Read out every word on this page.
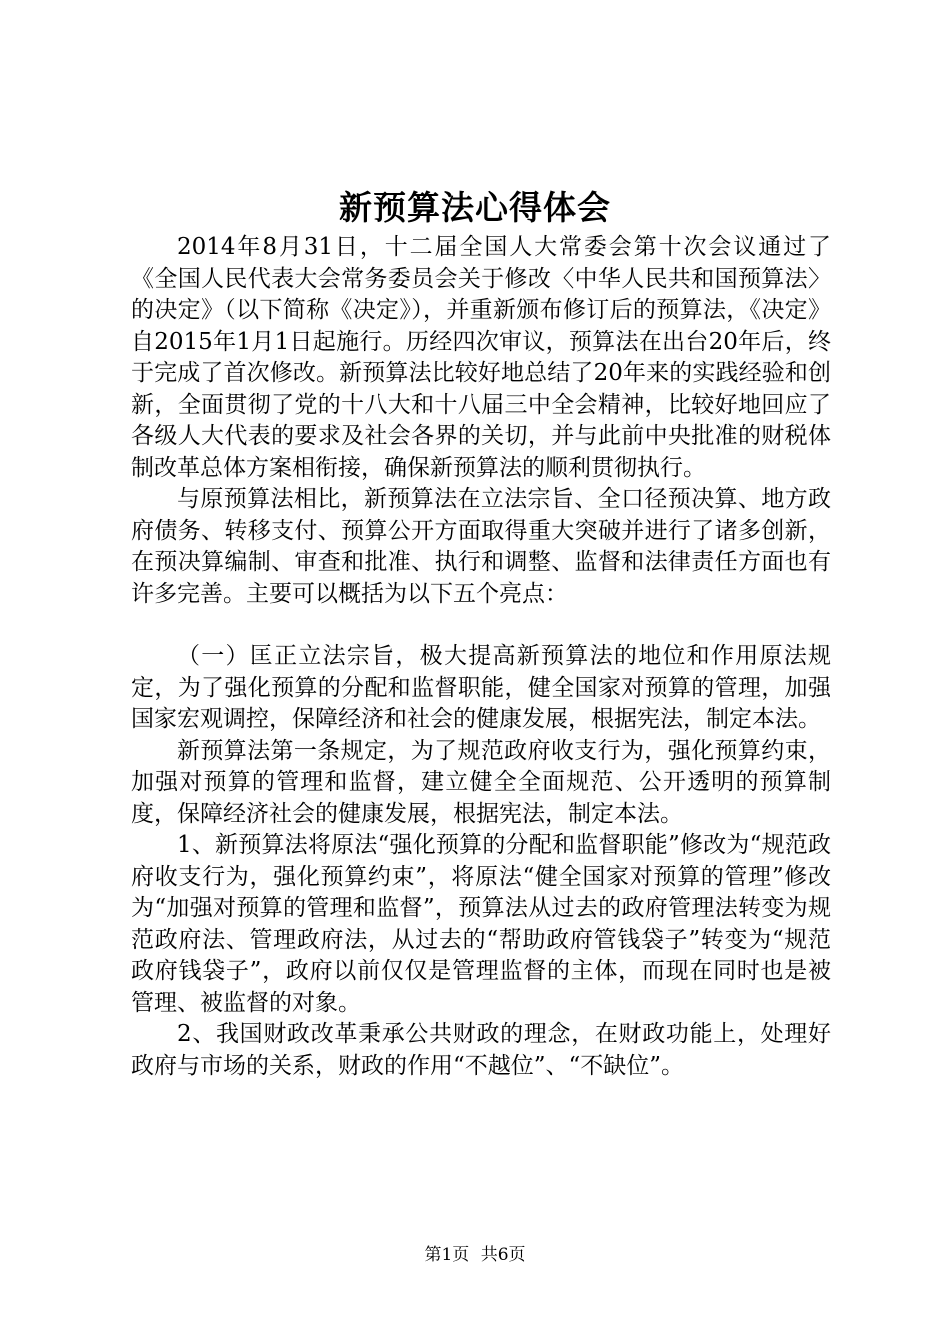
新预算法心得体会

2014年8月31日，十二届全国人大常委会第十次会议通过了《全国人民代表大会常务委员会关于修改〈中华人民共和国预算法〉的决定》（以下简称《决定》），并重新颁布修订后的预算法，《决定》自2015年1月1日起施行。历经四次审议，预算法在出台20年后，终于完成了首次修改。新预算法比较好地总结了20年来的实践经验和创新，全面贯彻了党的十八大和十八届三中全会精神，比较好地回应了各级人大代表的要求及社会各界的关切，并与此前中央批准的财税体制改革总体方案相衔接，确保新预算法的顺利贯彻执行。

与原预算法相比，新预算法在立法宗旨、全口径预决算、地方政府债务、转移支付、预算公开方面取得重大突破并进行了诸多创新，在预决算编制、审查和批准、执行和调整、监督和法律责任方面也有许多完善。主要可以概括为以下五个亮点：

（一）匡正立法宗旨，极大提高新预算法的地位和作用原法规定，为了强化预算的分配和监督职能，健全国家对预算的管理，加强国家宏观调控，保障经济和社会的健康发展，根据宪法，制定本法。

新预算法第一条规定，为了规范政府收支行为，强化预算约束，加强对预算的管理和监督，建立健全全面规范、公开透明的预算制度，保障经济社会的健康发展，根据宪法，制定本法。

1、新预算法将原法“强化预算的分配和监督职能”修改为“规范政府收支行为，强化预算约束”，将原法“健全国家对预算的管理”修改为“加强对预算的管理和监督”，预算法从过去的政府管理法转变为规范政府法、管理政府法，从过去的“帮助政府管钱袋子”转变为“规范政府钱袋子”，政府以前仅仅是管理监督的主体，而现在同时也是被管理、被监督的对象。

2、我国财政改革秉承公共财政的理念，在财政功能上，处理好政府与市场的关系，财政的作用“不越位”、“不缺位”。

第1页 共6页
